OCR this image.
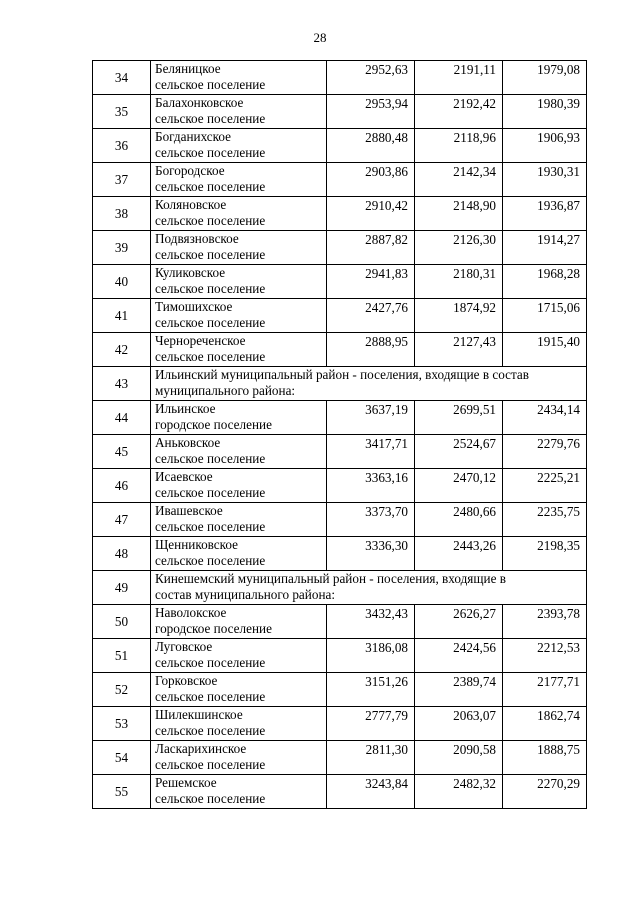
28
34	Беляницкое
сельское поселение	2952,63	2191,11	1979,08
35	Балахонковское
сельское поселение	2953,94	2192,42	1980,39
36	Богданихское
сельское поселение	2880,48	2118,96	1906,93
37	Богородское
сельское поселение	2903,86	2142,34	1930,31
38	Коляновское
сельское поселение	2910,42	2148,90	1936,87
39	Подвязновское
сельское поселение	2887,82	2126,30	1914,27
40	Куликовское
сельское поселение	2941,83	2180,31	1968,28
41	Тимошихское
сельское поселение	2427,76	1874,92	1715,06
42	Чернореченское
сельское поселение	2888,95	2127,43	1915,40
43	Ильинский муниципальный район - поселения, входящие в состав
муниципального района:			

44	Ильинское
городское поселение	3637,19	2699,51	2434,14
45	Аньковское
сельское поселение	3417,71	2524,67	2279,76
46	Исаевское
сельское поселение	3363,16	2470,12	2225,21
47	Ивашевское
сельское поселение	3373,70	2480,66	2235,75
48	Щенниковское
сельское поселение	3336,30	2443,26	2198,35
49	Кинешемский муниципальный район - поселения, входящие в
состав муниципального района:			

50	Наволокское
городское поселение	3432,43	2626,27	2393,78
51	Луговское
сельское поселение	3186,08	2424,56	2212,53
52	Горковское
сельское поселение	3151,26	2389,74	2177,71
53	Шилекшинское
сельское поселение	2777,79	2063,07	1862,74
54	Ласкарихинское
сельское поселение	2811,30	2090,58	1888,75
55	Решемское
сельское поселение	3243,84	2482,32	2270,29
